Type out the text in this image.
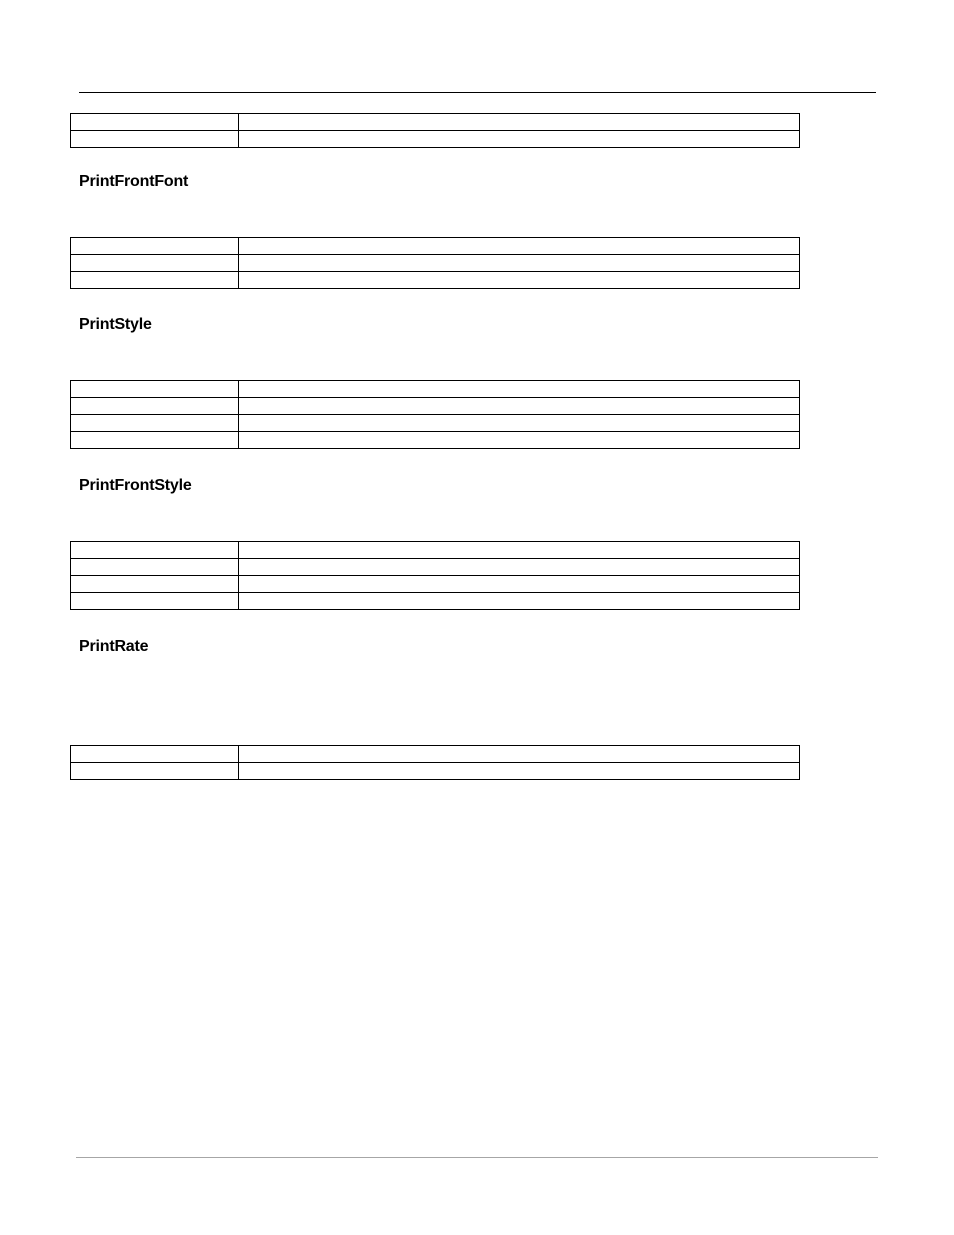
PrintFrontFont

PrintStyle

PrintFrontStyle

PrintRate
